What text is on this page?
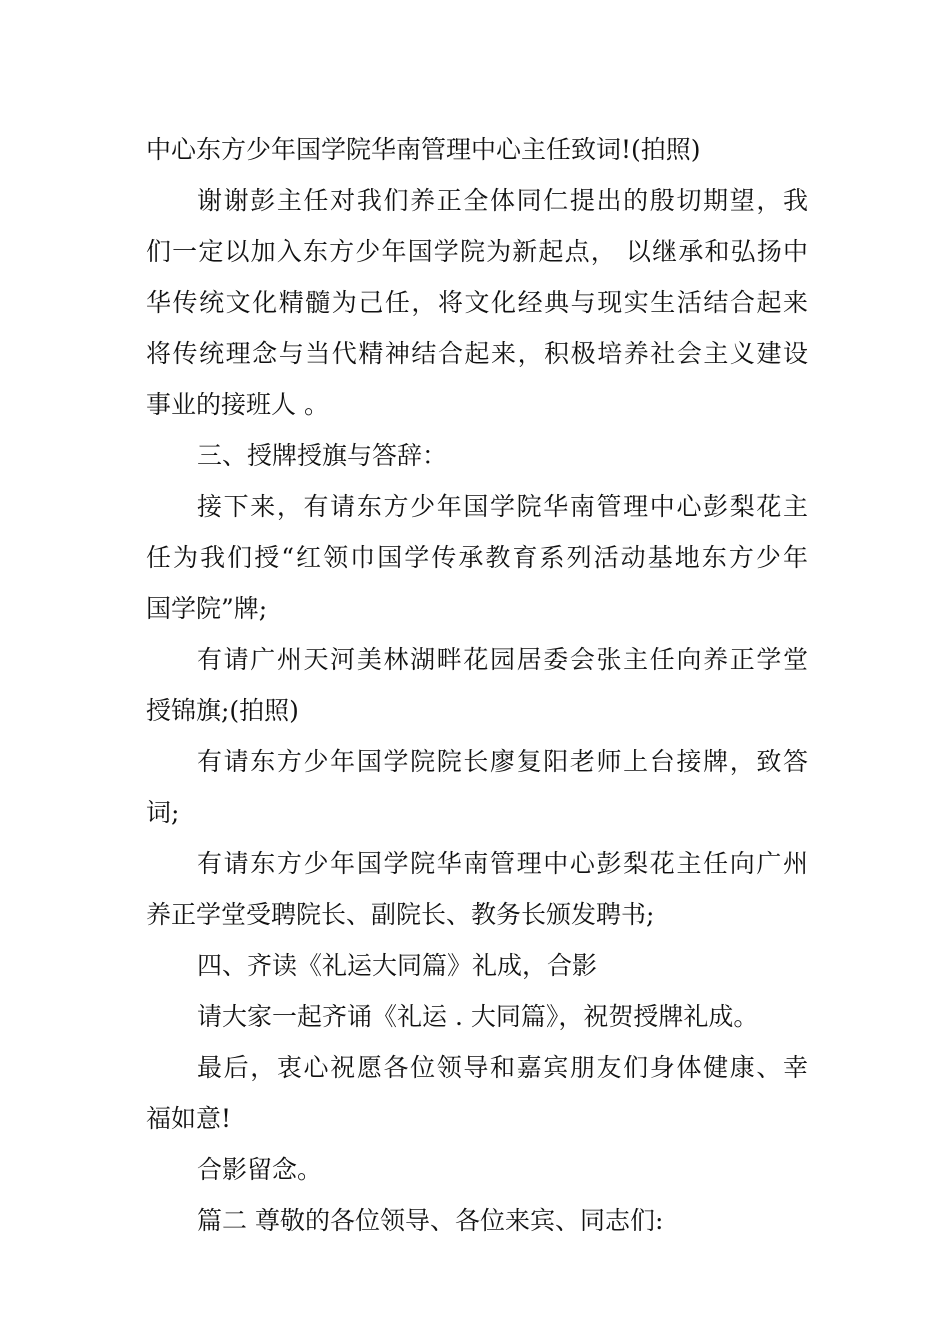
中心东方少年国学院华南管理中心主任致词!(拍照)
谢谢彭主任对我们养正全体同仁提出的殷切期望，我
们一定以加入东方少年国学院为新起点， 以继承和弘扬中
华传统文化精髓为己任，将文化经典与现实生活结合起来
将传统理念与当代精神结合起来，积极培养社会主义建设
事业的接班人 。
三、授牌授旗与答辞：
接下来，有请东方少年国学院华南管理中心彭梨花主
任为我们授“红领巾国学传承教育系列活动基地东方少年
国学院”牌;
有请广州天河美林湖畔花园居委会张主任向养正学堂
授锦旗;(拍照)
有请东方少年国学院院长廖复阳老师上台接牌，致答
词;
有请东方少年国学院华南管理中心彭梨花主任向广州
养正学堂受聘院长、副院长、教务长颁发聘书;
四、齐读《礼运大同篇》礼成，合影
请大家一起齐诵《礼运 . 大同篇》，祝贺授牌礼成。
最后，衷心祝愿各位领导和嘉宾朋友们身体健康、幸
福如意!
合影留念。
篇二 尊敬的各位领导、各位来宾、同志们:
